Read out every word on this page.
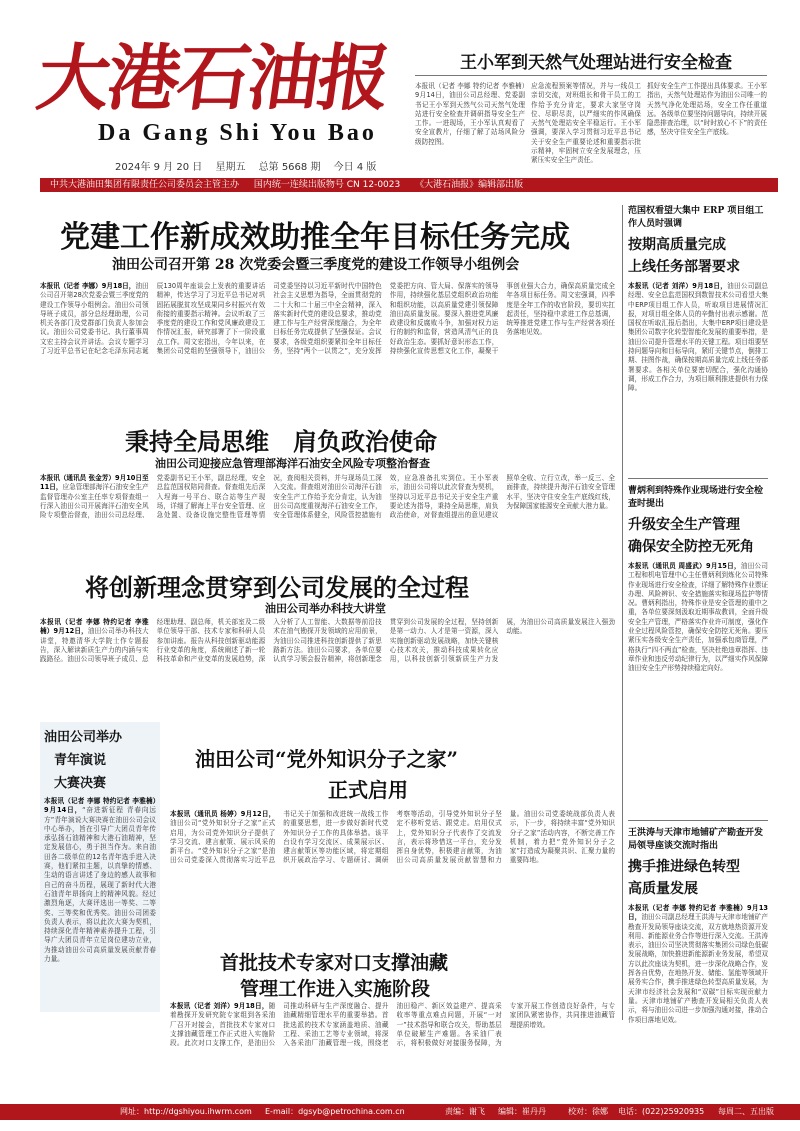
大港石油报
Da Gang Shi You Bao
2024年 9 月 20 日 星期五 总第 5668 期 今日 4 版
中共大港油田集团有限责任公司委员会主管主办 国内统一连续出版物号 CN 12-0023 《大港石油报》编辑部出版
王小军到天然气处理站进行安全检查
本报讯（记者 李娜 特约记者 李雅楠）9月14日，油田公司总经理、党委副书记王小军到天然气公司天然气处理站进行安全检查并调研指导安全生产工作。一进现场，王小军认真观看了安全宣教片，仔细了解了站场风险分级防控图。
应急流程预案等情况，并与一线员工亲切交流，对班组长和骨干员工的工作给予充分肯定，要求大家坚守岗位、尽职尽责，以严细实的作风确保天然气处理站安全平稳运行。王小军强调，要深入学习贯彻习近平总书记关于安全生产重要论述和重要指示批示精神，牢固树立安全发展理念，压紧压实安全生产责任。
抓好安全生产工作提出具体要求。王小军指出，天然气处理站作为油田公司唯一的天然气净化处理站场，安全工作任重道远。各级单位要坚持问题导向，持续开展隐患排查治理，以“时时放心不下”的责任感，坚决守住安全生产底线。
党建工作新成效助推全年目标任务完成
油田公司召开第 28 次党委会暨三季度党的建设工作领导小组例会
本报讯（记者 李娜）9月18日，油田公司召开第28次党委会暨三季度党的建设工作领导小组例会。油田公司领导班子成员，部分总经理助理，公司机关各部门及党群部门负责人参加会议。油田公司党委书记、执行董事周文宏主持会议并讲话。会议专题学习了习近平总书记在纪念毛泽东同志诞辰130周年座谈会上发表的重要讲话精神，传达学习了习近平总书记对巩固拓展脱贫攻坚成果同乡村振兴有效衔接的重要指示精神。会议听取了三季度党的建设工作和党风廉政建设工作情况汇报，研究部署了下一阶段重点工作。周文宏指出，今年以来，在集团公司党组的坚强领导下，油田公司党委坚持以习近平新时代中国特色社会主义思想为指导，全面贯彻党的二十大和二十届三中全会精神，深入落实新时代党的建设总要求，推动党建工作与生产经营深度融合，为全年目标任务完成提供了坚强保证。会议要求，各级党组织要紧扣全年目标任务，坚持“两个一以贯之”，充分发挥党委把方向、管大局、保落实的领导作用，持续强化基层党组织政治功能和组织功能，以高质量党建引领保障油田高质量发展。要深入推进党风廉政建设和反腐败斗争，加强对权力运行的制约和监督，营造风清气正的良好政治生态。要抓好意识形态工作，持续强化宣传思想文化工作，凝聚干事创业强大合力，确保高质量完成全年各项目标任务。周文宏强调，四季度是全年工作的收官阶段，要切实扛起责任，坚持稳中求进工作总基调，统筹推进党建工作与生产经营各项任务落地见效。
范国权看望大集中 ERP 项目组工作人员时强调
按期高质量完成
上线任务部署要求
本报讯（记者 刘洋）9月18日，油田公司副总经理、安全总监范国权到数智技术公司看望大集中ERP项目组工作人员，听取项目进展情况汇报，对项目组全体人员的辛勤付出表示感谢。范国权在听取汇报后指出，大集中ERP项目建设是集团公司数字化转型智能化发展的重要举措，是油田公司提升管理水平的关键工程。项目组要坚持问题导向和目标导向，紧盯关键节点，倒排工期、挂图作战，确保按期高质量完成上线任务部署要求。各相关单位要密切配合，强化沟通协调，形成工作合力，为项目顺利推进提供有力保障。
秉持全局思维　肩负政治使命
油田公司迎接应急管理部海洋石油安全风险专项整治督查
本报讯（通讯员 张金芳）9月10日至11日，应急管理部海洋石油安全生产监督管理办公室主任率专项督查组一行深入油田公司开展海洋石油安全风险专项整治督查，油田公司总经理、党委副书记王小军，副总经理，安全总监范国权陪同督查。督查组先后深入埕海一号平台、联合站等生产现场，详细了解海上平台安全管理、应急处置、设备设施完整性管理等情况，查阅相关资料，并与现场员工深入交流。督查组对油田公司海洋石油安全生产工作给予充分肯定，认为油田公司高度重视海洋石油安全工作，安全管理体系健全，风险管控措施有效，应急准备扎实到位。王小军表示，油田公司将以此次督查为契机，坚持以习近平总书记关于安全生产重要论述为指导，秉持全局思维，肩负政治使命，对督查组提出的意见建议照单全收、立行立改，举一反三、全面排查，持续提升海洋石油安全管理水平，坚决守住安全生产底线红线，为保障国家能源安全贡献大港力量。
曹炳利到特殊作业现场进行安全检查时提出
升级安全生产管理
确保安全防控无死角
本报讯（通讯员 周盛武）9月15日，油田公司工程和机电管理中心主任曹炳利到炼化公司特殊作业现场进行安全检查，详细了解特殊作业票证办理、风险辨识、安全措施落实和现场监护等情况。曹炳利指出，特殊作业是安全管理的重中之重，各单位要深刻汲取近期事故教训，全面升级安全生产管理，严格落实作业许可制度，强化作业全过程风险管控，确保安全防控无死角。要压紧压实各级安全生产责任，加强承包商管理，严格执行“四不两直”检查，坚决杜绝违章指挥、违章作业和违反劳动纪律行为，以严细实作风保障油田安全生产形势持续稳定向好。
将创新理念贯穿到公司发展的全过程
油田公司举办科技大讲堂
本报讯（记者 李娜 特约记者 李雅楠）9月12日，油田公司举办科技大讲堂，特邀清华大学院士作专题报告，深入解读新质生产力的内涵与实践路径。油田公司领导班子成员、总经理助理、副总师，机关部室及二级单位领导干部、技术专家和科研人员参加讲座。报告从科技创新驱动能源行业变革的角度，系统阐述了新一轮科技革命和产业变革的发展趋势，深入分析了人工智能、大数据等前沿技术在油气勘探开发领域的应用前景，为油田公司推进科技创新提供了新思路新方法。油田公司要求，各单位要认真学习领会报告精神，将创新理念贯穿到公司发展的全过程，坚持创新是第一动力、人才是第一资源，深入实施创新驱动发展战略，加快关键核心技术攻关，推动科技成果转化应用，以科技创新引领新质生产力发展，为油田公司高质量发展注入强劲动能。
油田公司举办
青年演说
大赛决赛
本报讯（记者 李娜 特约记者 李雅楠）9月14日，“奋进新征程 青春向远方”青年演说大赛决赛在油田公司会议中心举办，旨在引导广大团员青年传承弘扬石油精神和大港石油精神，坚定发展信心，勇于担当作为。来自油田各二级单位的12名青年选手进入决赛，他们紧扣主题，以真挚的情感、生动的语言讲述了身边的感人故事和自己的奋斗历程，展现了新时代大港石油青年昂扬向上的精神风貌。经过激烈角逐，大赛评选出一等奖、二等奖、三等奖和优秀奖。油田公司团委负责人表示，将以此次大赛为契机，持续深化青年精神素养提升工程，引导广大团员青年立足岗位建功立业，为推动油田公司高质量发展贡献青春力量。
油田公司“党外知识分子之家”
正式启用
本报讯（通讯员 杨婷）9月12日，油田公司“党外知识分子之家”正式启用，为公司党外知识分子提供了学习交流、建言献策、展示风采的新平台。“党外知识分子之家”是油田公司党委深入贯彻落实习近平总书记关于加强和改进统一战线工作的重要思想，进一步做好新时代党外知识分子工作的具体举措。该平台设有学习交流区、成果展示区、建言献策区等功能区域，将定期组织开展政治学习、专题研讨、调研考察等活动，引导党外知识分子坚定不移听党话、跟党走。启用仪式上，党外知识分子代表作了交流发言，表示将珍惜这一平台，充分发挥自身优势，积极建言献策，为油田公司高质量发展贡献智慧和力量。油田公司党委统战部负责人表示，下一步，将持续丰富“党外知识分子之家”活动内容，不断完善工作机制，着力把“党外知识分子之家”打造成为凝聚共识、汇聚力量的重要阵地。
王洪涛与天津市地铺矿产勘查开发局领导座谈交流时指出
携手推进绿色转型
高质量发展
本报讯（记者 李娜 特约记者 李雅楠）9月13日，油田公司副总经理王洪涛与天津市地铺矿产勘查开发局领导座谈交流，双方就地热资源开发利用、新能源业务合作等进行深入交流。王洪涛表示，油田公司坚决贯彻落实集团公司绿色低碳发展战略，加快推进新能源新业务发展，希望双方以此次座谈为契机，进一步深化战略合作，发挥各自优势，在地热开发、储能、氢能等领域开展务实合作，携手推进绿色转型高质量发展，为天津市经济社会发展和“双碳”目标实现贡献力量。天津市地铺矿产勘查开发局相关负责人表示，将与油田公司进一步加强沟通对接，推动合作项目落地见效。
首批技术专家对口支撑油藏
管理工作进入实施阶段
本报讯（记者 刘洋）9月18日，随着勘探开发研究院专家组到各采油厂召开对接会，首批技术专家对口支撑油藏管理工作正式进入实施阶段。此次对口支撑工作，是油田公司推动科研与生产深度融合、提升油藏精细管理水平的重要举措。首批选派的技术专家涵盖地质、油藏工程、采油工艺等专业领域，将深入各采油厂油藏管理一线，围绕老油田稳产、新区效益建产、提高采收率等重点难点问题，开展“一对一”技术指导和联合攻关，帮助基层单位破解生产难题。各采油厂表示，将积极做好对接服务保障，为专家开展工作创造良好条件，与专家团队紧密协作，共同推进油藏管理提质增效。
网址：http://dgshiyou.ihwrm.com E-mail：dgsyb@petrochina.com.cn	责编：谢飞 编辑：崔丹丹	校对：徐娜 电话：(022)25920935 每周二、五出版
